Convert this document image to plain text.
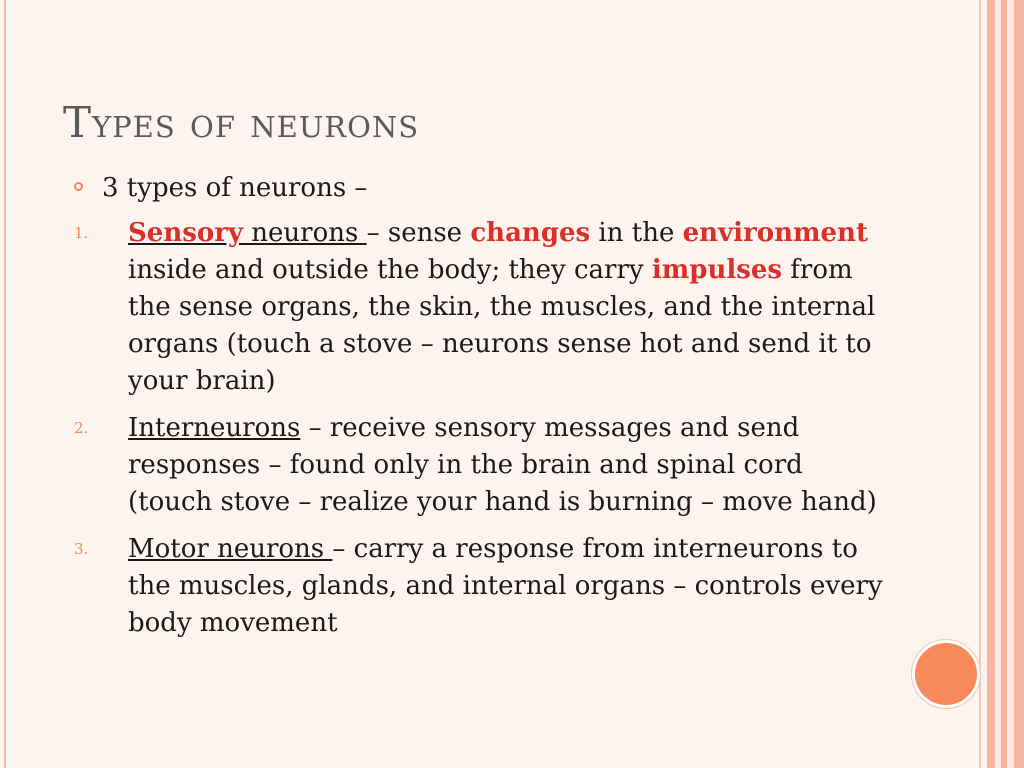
Types of neurons
3 types of neurons –
1. Sensory neurons – sense changes in the environment inside and outside the body; they carry impulses from the sense organs, the skin, the muscles, and the internal organs (touch a stove – neurons sense hot and send it to your brain)
2. Interneurons – receive sensory messages and send responses – found only in the brain and spinal cord (touch stove – realize your hand is burning – move hand)
3. Motor neurons – carry a response from interneurons to the muscles, glands, and internal organs – controls every body movement
